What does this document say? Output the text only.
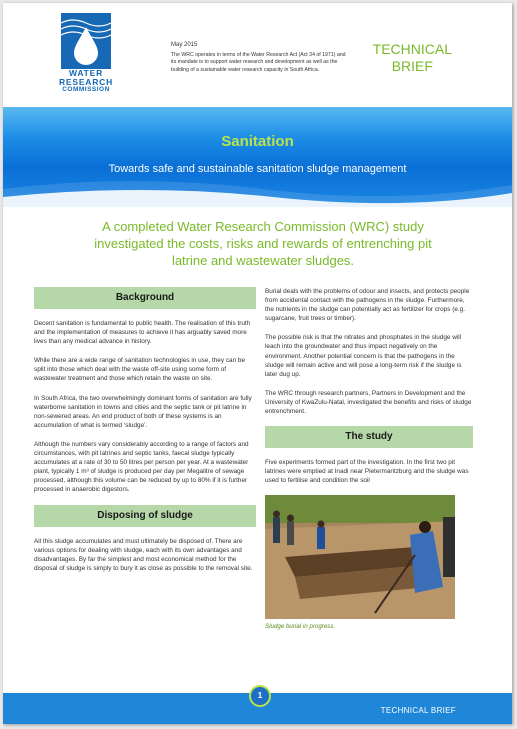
WATER
RESEARCH
COMMISSION
May 2015
The WRC operates in terms of the Water Research Act (Act 34 of 1971) and its mandate is to support water research and development as well as the building of a sustainable water research capacity in South Africa.
TECHNICAL
BRIEF
Sanitation
Towards safe and sustainable sanitation sludge management
A completed Water Research Commission (WRC) study investigated the costs, risks and rewards of entrenching pit latrine and wastewater sludges.
Background

Decent sanitation is fundamental to public health. The realisation of this truth and the implementation of measures to achieve it has arguably saved more lives than any medical advance in history.

While there are a wide range of sanitation technologies in use, they can be split into those which deal with the waste off-site using some form of wastewater treatment and those which retain the waste on site.

In South Africa, the two overwhelmingly dominant forms of sanitation are fully waterborne sanitation in towns and cities and the septic tank or pit latrine in non-sewered areas. An end product of both of these systems is an accumulation of what is termed ‘sludge’.

Although the numbers vary considerably according to a range of factors and circumstances, with pit latrines and septic tanks, faecal sludge typically accumulates at a rate of 30 to 50 litres per person per year. At a wastewater plant, typically 1 m³ of sludge is produced per day per Megalitre of sewage processed, although this volume can be reduced by up to 80% if it is further processed in anaerobic digestors.

Disposing of sludge

All this sludge accumulates and must ultimately be disposed of. There are various options for dealing with sludge, each with its own advantages and disadvantages. By far the simplest and most economical method for the disposal of sludge is simply to bury it as close as possible to the removal site.

Burial deals with the problems of odour and insects, and protects people from accidental contact with the pathogens in the sludge. Furthermore, the nutrients in the sludge can potentially act as fertilizer for crops (e.g. sugarcane, fruit trees or timber).

The possible risk is that the nitrates and phosphates in the sludge will leach into the groundwater and thus impact negatively on the environment. Another potential concern is that the pathogens in the sludge will remain active and will pose a long-term risk if the sludge is later dug up.

The WRC through research partners, Partners in Development and the University of KwaZulu-Natal, investigated the benefits and risks of sludge entrenchment.

The study

Five experiments formed part of the investigation. In the first two pit latrines were emptied at Inadi near Pietermaritzburg and the sludge was used to fertilise and condition the soil

Sludge burial in progress.
TECHNICAL BRIEF
1
